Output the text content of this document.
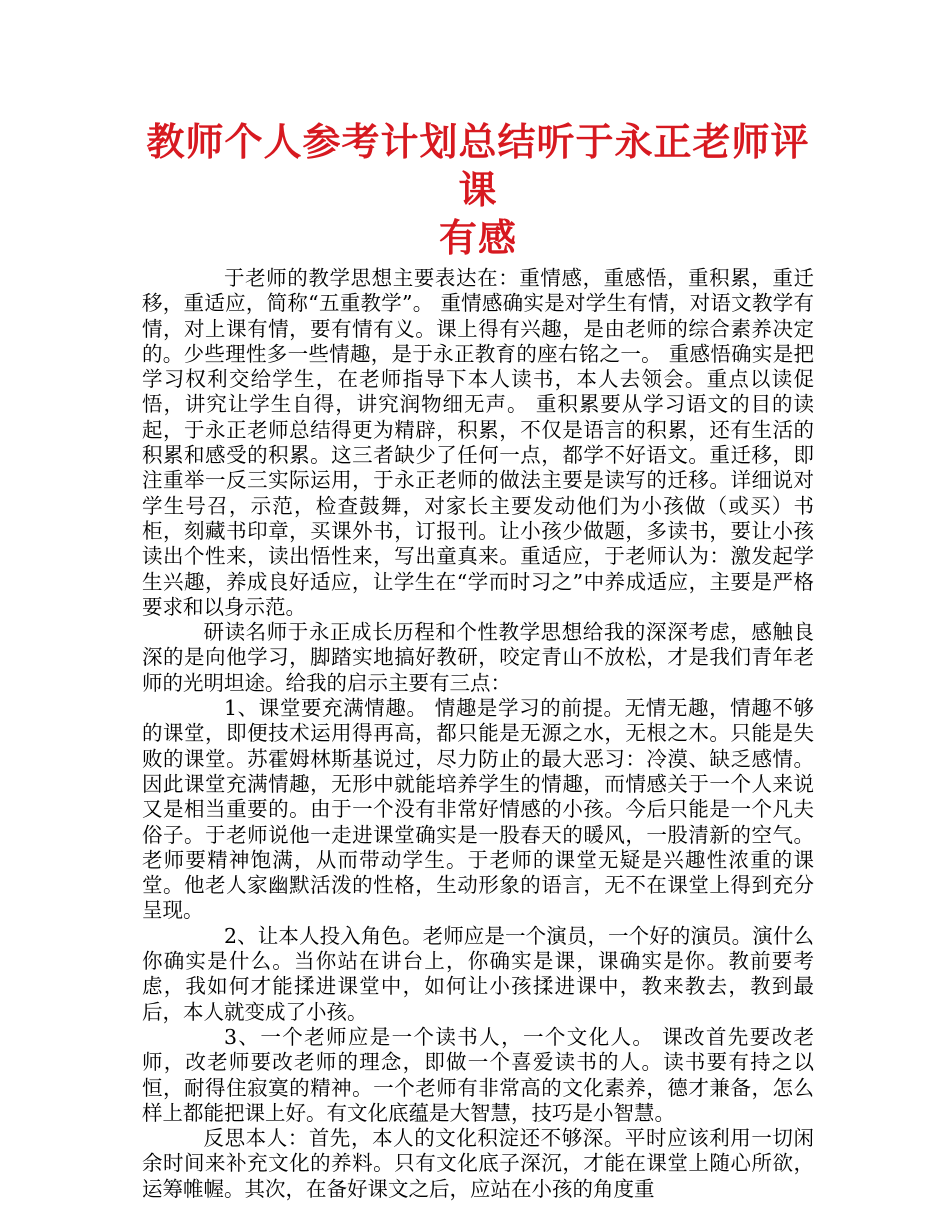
教师个人参考计划总结听于永正老师评课
有感

于老师的教学思想主要表达在：重情感，重感悟，重积累，重迁移，重适应，简称“五重教学”。 重情感确实是对学生有情，对语文教学有情，对上课有情，要有情有义。课上得有兴趣，是由老师的综合素养决定的。少些理性多一些情趣，是于永正教育的座右铭之一。 重感悟确实是把学习权利交给学生，在老师指导下本人读书，本人去领会。重点以读促悟，讲究让学生自得，讲究润物细无声。 重积累要从学习语文的目的读起，于永正老师总结得更为精辟，积累，不仅是语言的积累，还有生活的积累和感受的积累。这三者缺少了任何一点，都学不好语文。重迁移，即注重举一反三实际运用，于永正老师的做法主要是读写的迁移。详细说对学生号召，示范，检查鼓舞，对家长主要发动他们为小孩做（或买）书柜，刻藏书印章，买课外书，订报刊。让小孩少做题，多读书，要让小孩读出个性来，读出悟性来，写出童真来。重适应，于老师认为：激发起学生兴趣，养成良好适应，让学生在“学而时习之”中养成适应，主要是严格要求和以身示范。

研读名师于永正成长历程和个性教学思想给我的深深考虑，感触良深的是向他学习，脚踏实地搞好教研，咬定青山不放松，才是我们青年老师的光明坦途。给我的启示主要有三点：

1、课堂要充满情趣。 情趣是学习的前提。无情无趣，情趣不够的课堂，即便技术运用得再高，都只能是无源之水，无根之木。只能是失败的课堂。苏霍姆林斯基说过，尽力防止的最大恶习：冷漠、缺乏感情。因此课堂充满情趣，无形中就能培养学生的情趣，而情感关于一个人来说又是相当重要的。由于一个没有非常好情感的小孩。今后只能是一个凡夫俗子。于老师说他一走进课堂确实是一股春天的暖风，一股清新的空气。老师要精神饱满，从而带动学生。于老师的课堂无疑是兴趣性浓重的课堂。他老人家幽默活泼的性格，生动形象的语言，无不在课堂上得到充分呈现。

2、让本人投入角色。老师应是一个演员，一个好的演员。演什么你确实是什么。当你站在讲台上，你确实是课，课确实是你。教前要考虑，我如何才能揉进课堂中，如何让小孩揉进课中，教来教去，教到最后，本人就变成了小孩。

3、一个老师应是一个读书人，一个文化人。 课改首先要改老师，改老师要改老师的理念，即做一个喜爱读书的人。读书要有持之以恒，耐得住寂寞的精神。一个老师有非常高的文化素养，德才兼备，怎么样上都能把课上好。有文化底蕴是大智慧，技巧是小智慧。

反思本人：首先，本人的文化积淀还不够深。平时应该利用一切闲余时间来补充文化的养料。只有文化底子深沉，才能在课堂上随心所欲，运筹帷幄。其次，在备好课文之后，应站在小孩的角度重
